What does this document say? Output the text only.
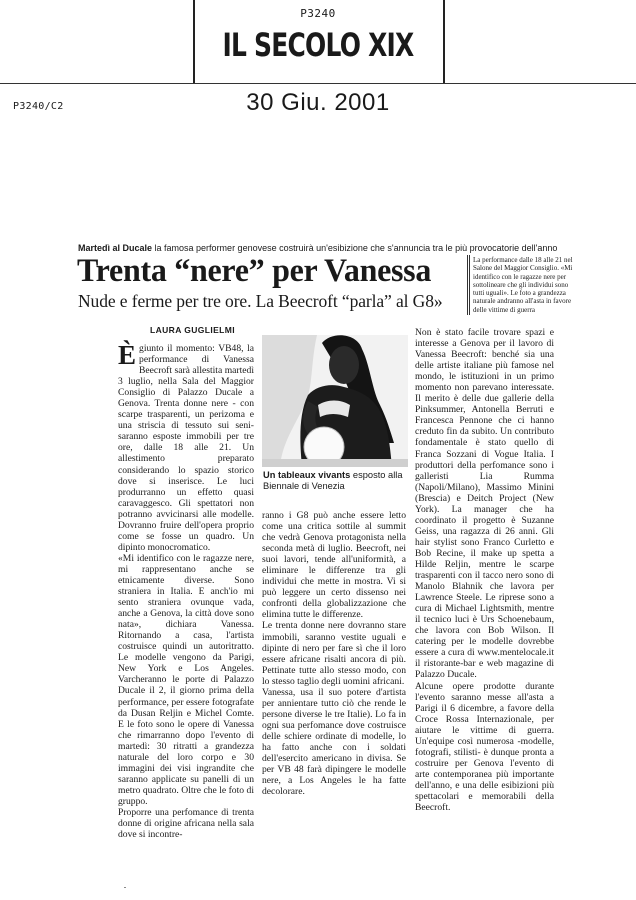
P3240
IL SECOLO XIX
30 Giu. 2001
P3240/C2
Martedì al Ducale la famosa performer genovese costruirà un'esibizione che s'annuncia tra le più provocatorie dell'anno
Trenta “nere” per Vanessa
Nude e ferme per tre ore. La Beecroft “parla” al G8»
La performance dalle 18 alle 21 nel Salone del Maggior Consiglio. «Mi identifico con le ragazze nere per sottolineare che gli individui sono tutti uguali». Le foto a grandezza naturale andranno all'asta in favore delle vittime di guerra
LAURA GUGLIELMI

Ègiunto il momento: VB48, la performance di Vanessa Beecroft sarà allestita martedì 3 luglio, nella Sala del Maggior Consiglio di Palazzo Ducale a Genova. Trenta donne nere - con scarpe trasparenti, un perizoma e una striscia di tessuto sui seni- saranno esposte immobili per tre ore, dalle 18 alle 21. Un allestimento preparato considerando lo spazio storico dove si inserisce. Le luci produrranno un effetto quasi caravaggesco. Gli spettatori non potranno avvicinarsi alle modelle. Dovranno fruire dell'opera proprio come se fosse un quadro. Un dipinto monocromatico.

«Mi identifico con le ragazze nere, mi rappresentano anche se etnicamente diverse. Sono straniera in Italia. E anch'io mi sento straniera ovunque vada, anche a Genova, la città dove sono nata», dichiara Vanessa. Ritornando a casa, l'artista costruisce quindi un autoritratto. Le modelle vengono da Parigi, New York e Los Angeles. Varcheranno le porte di Palazzo Ducale il 2, il giorno prima della performance, per essere fotografate da Dusan Reljin e Michel Comte. E le foto sono le opere di Vanessa che rimarranno dopo l'evento di martedì: 30 ritratti a grandezza naturale del loro corpo e 30 immagini dei visi ingrandite che saranno applicate su panelli di un metro quadrato. Oltre che le foto di gruppo.

Proporre una perfomance di trenta donne di origine africana nella sala dove si incontre-

Un tableaux vivants esposto alla Biennale di Venezia

ranno i G8 può anche essere letto come una critica sottile al summit che vedrà Genova protagonista nella seconda metà di luglio. Beecroft, nei suoi lavori, tende all'uniformità, a eliminare le differenze tra gli individui che mette in mostra. Vi si può leggere un certo dissenso nei confronti della globalizzazione che elimina tutte le differenze.

Le trenta donne nere dovranno stare immobili, saranno vestite uguali e dipinte di nero per fare sì che il loro essere africane risalti ancora di più. Pettinate tutte allo stesso modo, con lo stesso taglio degli uomini africani.

Vanessa, usa il suo potere d'artista per annientare tutto ciò che rende le persone diverse le tre Italie). Lo fa in ogni sua perfomance dove costruisce delle schiere ordinate di modelle, lo ha fatto anche con i soldati dell'esercito americano in divisa. Se per VB 48 farà dipingere le modelle nere, a Los Angeles le ha fatte decolorare.

Non è stato facile trovare spazi e interesse a Genova per il lavoro di Vanessa Beecroft: benché sia una delle artiste italiane più famose nel mondo, le istituzioni in un primo momento non parevano interessate. Il merito è delle due gallerie della Pinksummer, Antonella Berruti e Francesca Pennone che ci hanno creduto fin da subito. Un contributo fondamentale è stato quello di Franca Sozzani di Vogue Italia. I produttori della perfomance sono i galleristi Lia Rumma (Napoli/Milano), Massimo Minini (Brescia) e Deitch Project (New York). La manager che ha coordinato il progetto è Suzanne Geiss, una ragazza di 26 anni. Gli hair stylist sono Franco Curletto e Bob Recine, il make up spetta a Hilde Reljin, mentre le scarpe trasparenti con il tacco nero sono di Manolo Blahnik che lavora per Lawrence Steele. Le riprese sono a cura di Michael Lightsmith, mentre il tecnico luci è Urs Schoenebaum, che lavora con Bob Wilson. Il catering per le modelle dovrebbe essere a cura di www.mentelocale.it il ristorante-bar e web magazine di Palazzo Ducale.

Alcune opere prodotte durante l'evento saranno messe all'asta a Parigi il 6 dicembre, a favore della Croce Rossa Internazionale, per aiutare le vittime di guerra. Un'equipe così numerosa -modelle, fotografi, stilisti- è dunque pronta a costruire per Genova l'evento di arte contemporanea più importante dell'anno, e una delle esibizioni più spettacolari e memorabili della Beecroft.
